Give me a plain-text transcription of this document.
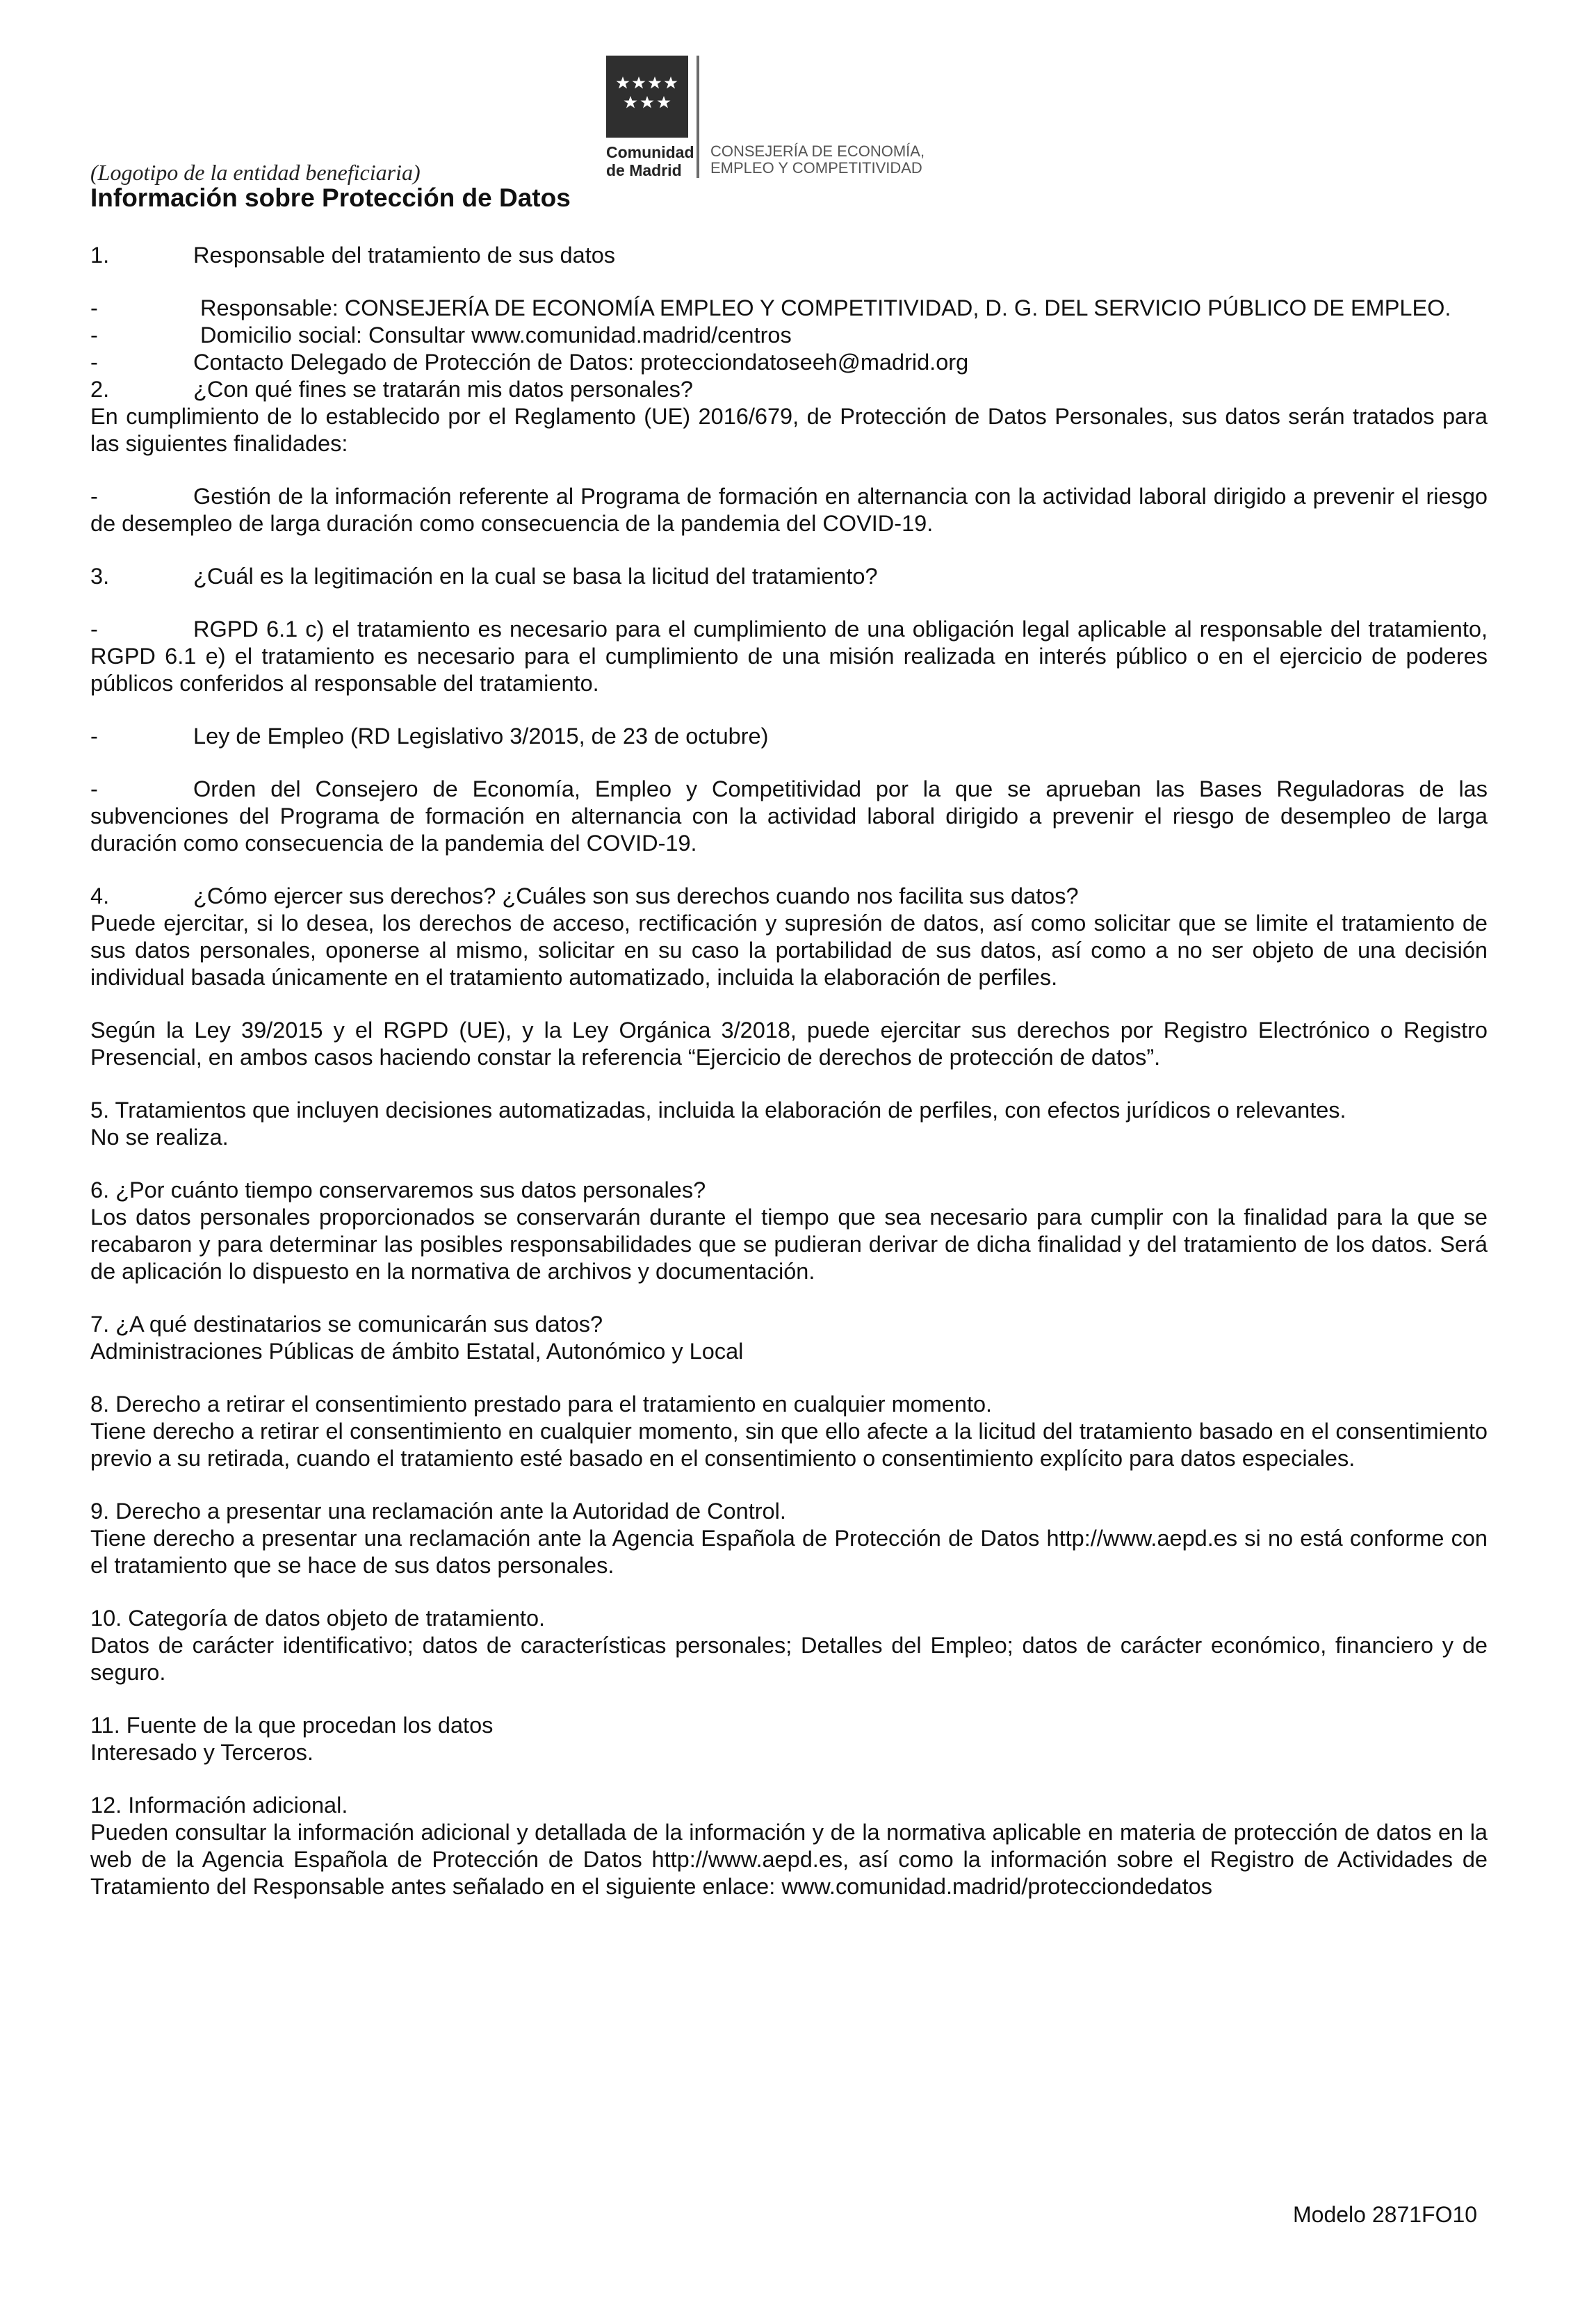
Comunidad
de Madrid
CONSEJERÍA DE ECONOMÍA,
EMPLEO Y COMPETITIVIDAD
(Logotipo de la entidad beneficiaria)
Información sobre Protección de Datos

1.	Responsable del tratamiento de sus datos

-	Responsable: CONSEJERÍA DE ECONOMÍA EMPLEO Y COMPETITIVIDAD, D. G. DEL SERVICIO PÚBLICO DE EMPLEO.

-	Domicilio social: Consultar www.comunidad.madrid/centros

-	Contacto Delegado de Protección de Datos: protecciondatoseeh@madrid.org

2.	¿Con qué fines se tratarán mis datos personales?

En cumplimiento de lo establecido por el Reglamento (UE) 2016/679, de Protección de Datos Personales, sus datos serán tratados para las siguientes finalidades:

-	Gestión de la información referente al Programa de formación en alternancia con la actividad laboral dirigido a prevenir el riesgo de desempleo de larga duración como consecuencia de la pandemia del COVID-19.

3.	¿Cuál es la legitimación en la cual se basa la licitud del tratamiento?

-	RGPD 6.1 c) el tratamiento es necesario para el cumplimiento de una obligación legal aplicable al responsable del tratamiento, RGPD 6.1 e) el tratamiento es necesario para el cumplimiento de una misión realizada en interés público o en el ejercicio de poderes públicos conferidos al responsable del tratamiento.

-	Ley de Empleo (RD Legislativo 3/2015, de 23 de octubre)

-	Orden del Consejero de Economía, Empleo y Competitividad por la que se aprueban las Bases Reguladoras de las subvenciones del Programa de formación en alternancia con la actividad laboral dirigido a prevenir el riesgo de desempleo de larga duración como consecuencia de la pandemia del COVID-19.

4.	¿Cómo ejercer sus derechos? ¿Cuáles son sus derechos cuando nos facilita sus datos?

Puede ejercitar, si lo desea, los derechos de acceso, rectificación y supresión de datos, así como solicitar que se limite el tratamiento de sus datos personales, oponerse al mismo, solicitar en su caso la portabilidad de sus datos, así como a no ser objeto de una decisión individual basada únicamente en el tratamiento automatizado, incluida la elaboración de perfiles.

Según la Ley 39/2015 y el RGPD (UE), y la Ley Orgánica 3/2018, puede ejercitar sus derechos por Registro Electrónico o Registro Presencial, en ambos casos haciendo constar la referencia “Ejercicio de derechos de protección de datos”.

5. Tratamientos que incluyen decisiones automatizadas, incluida la elaboración de perfiles, con efectos jurídicos o relevantes.

No se realiza.

6. ¿Por cuánto tiempo conservaremos sus datos personales?

Los datos personales proporcionados se conservarán durante el tiempo que sea necesario para cumplir con la finalidad para la que se recabaron y para determinar las posibles responsabilidades que se pudieran derivar de dicha finalidad y del tratamiento de los datos. Será de aplicación lo dispuesto en la normativa de archivos y documentación.

7. ¿A qué destinatarios se comunicarán sus datos?

Administraciones Públicas de ámbito Estatal, Autonómico y Local

8. Derecho a retirar el consentimiento prestado para el tratamiento en cualquier momento.

Tiene derecho a retirar el consentimiento en cualquier momento, sin que ello afecte a la licitud del tratamiento basado en el consentimiento previo a su retirada, cuando el tratamiento esté basado en el consentimiento o consentimiento explícito para datos especiales.

9. Derecho a presentar una reclamación ante la Autoridad de Control.

Tiene derecho a presentar una reclamación ante la Agencia Española de Protección de Datos http://www.aepd.es si no está conforme con el tratamiento que se hace de sus datos personales.

10. Categoría de datos objeto de tratamiento.

Datos de carácter identificativo; datos de características personales; Detalles del Empleo; datos de carácter económico, financiero y de seguro.

11. Fuente de la que procedan los datos

Interesado y Terceros.

12. Información adicional.

Pueden consultar la información adicional y detallada de la información y de la normativa aplicable en materia de protección de datos en la web de la Agencia Española de Protección de Datos http://www.aepd.es, así como la información sobre el Registro de Actividades de Tratamiento del Responsable antes señalado en el siguiente enlace: www.comunidad.madrid/protecciondedatos

Modelo 2871FO10
